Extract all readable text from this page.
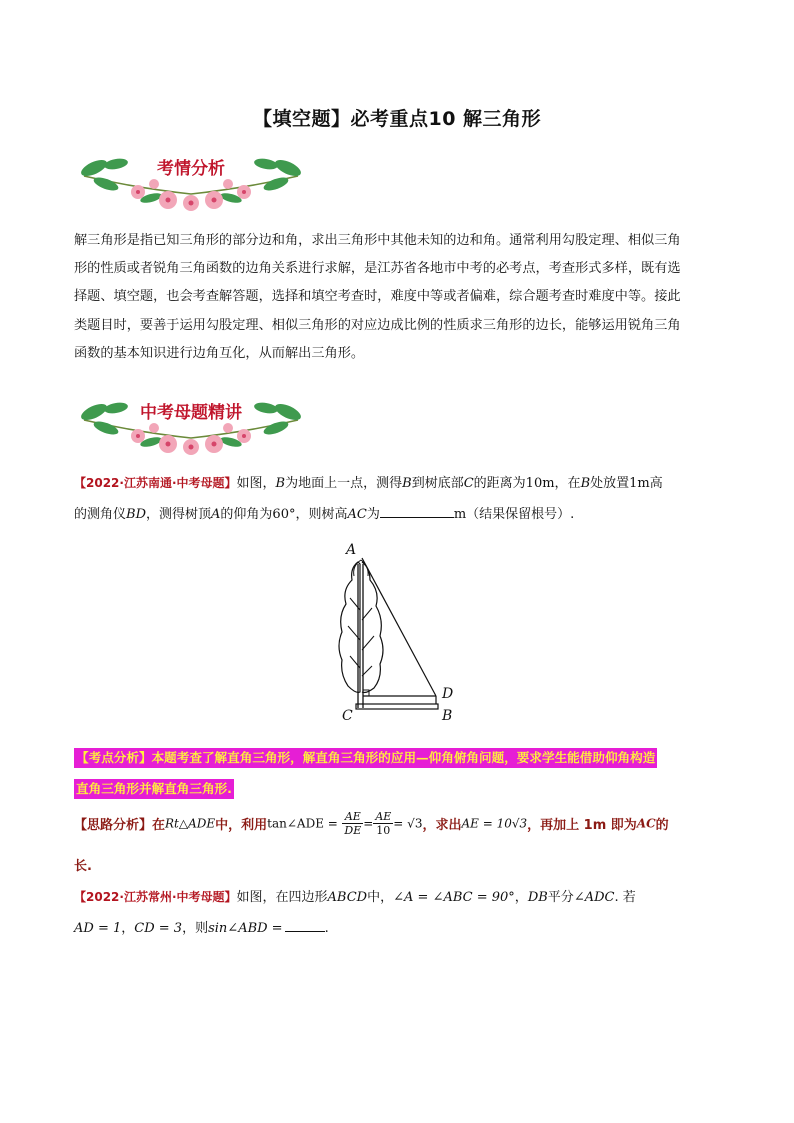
【填空题】必考重点10 解三角形
考情分析
解三角形是指已知三角形的部分边和角，求出三角形中其他未知的边和角。通常利用勾股定理、相似三角
形的性质或者锐角三角函数的边角关系进行求解，是江苏省各地市中考的必考点，考查形式多样，既有选
择题、填空题，也会考查解答题，选择和填空考查时，难度中等或者偏难，综合题考查时难度中等。接此
类题目时，要善于运用勾股定理、相似三角形的对应边成比例的性质求三角形的边长，能够运用锐角三角
函数的基本知识进行边角互化，从而解出三角形。
中考母题精讲
【2022·江苏南通·中考母题】如图，B为地面上一点，测得B到树底部C的距离为10m，在B处放置1m高
的测角仪BD，测得树顶A的仰角为60°，则树高AC为	m（结果保留根号）.
A
C
D
B
【考点分析】本题考查了解直角三角形，解直角三角形的应用—仰角俯角问题，要求学生能借助仰角构造
直角三角形并解直角三角形.
【思路分析】在Rt△ADE中，利用tan∠ADE = $\frac{AE}{DE} = \frac{AE}{10} = √3$，求出AE = 10√3，再加上 1m 即为AC的
长.
【2022·江苏常州·中考母题】如图，在四边形ABCD中，∠A = ∠ABC = 90°，DB平分∠ADC. 若
AD = 1，CD = 3，则sin∠ABD =	.
